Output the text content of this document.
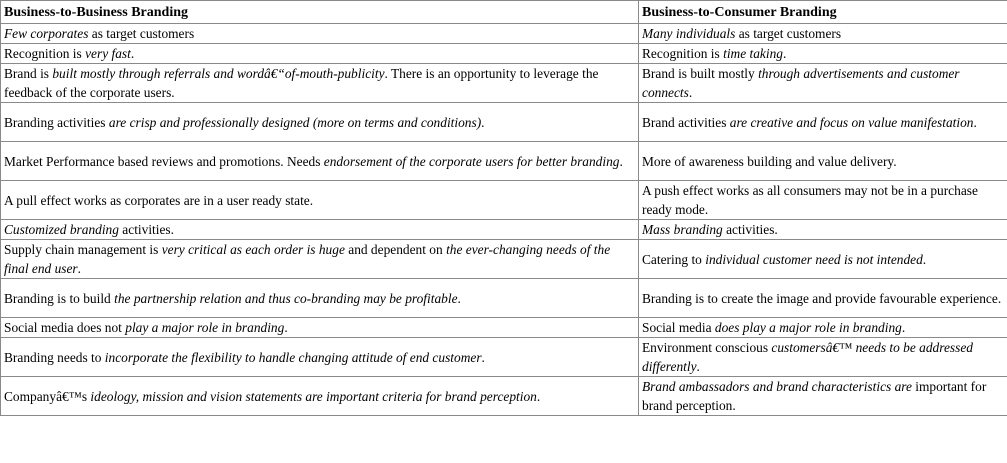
Business-to-Business Branding	Business-to-Consumer Branding
Few corporates as target customers	Many individuals as target customers
Recognition is very fast.	Recognition is time taking.
Brand is built mostly through referrals and wordâ€“of-mouth-publicity. There is an opportunity to leverage the feedback of the corporate users.	Brand is built mostly through advertisements and customer connects.
Branding activities are crisp and professionally designed (more on terms and conditions).	Brand activities are creative and focus on value manifestation.
Market Performance based reviews and promotions. Needs endorsement of the corporate users for better branding.	More of awareness building and value delivery.
A pull effect works as corporates are in a user ready state.	A push effect works as all consumers may not be in a purchase ready mode.
Customized branding activities.	Mass branding activities.
Supply chain management is very critical as each order is huge and dependent on the ever-changing needs of the final end user.	Catering to individual customer need is not intended.
Branding is to build the partnership relation and thus co-branding may be profitable.	Branding is to create the image and provide favourable experience.
Social media does not play a major role in branding.	Social media does play a major role in branding.
Branding needs to incorporate the flexibility to handle changing attitude of end customer.	Environment conscious customersâ€™ needs to be addressed differently.
Companyâ€™s ideology, mission and vision statements are important criteria for brand perception.	Brand ambassadors and brand characteristics are important for brand perception.
